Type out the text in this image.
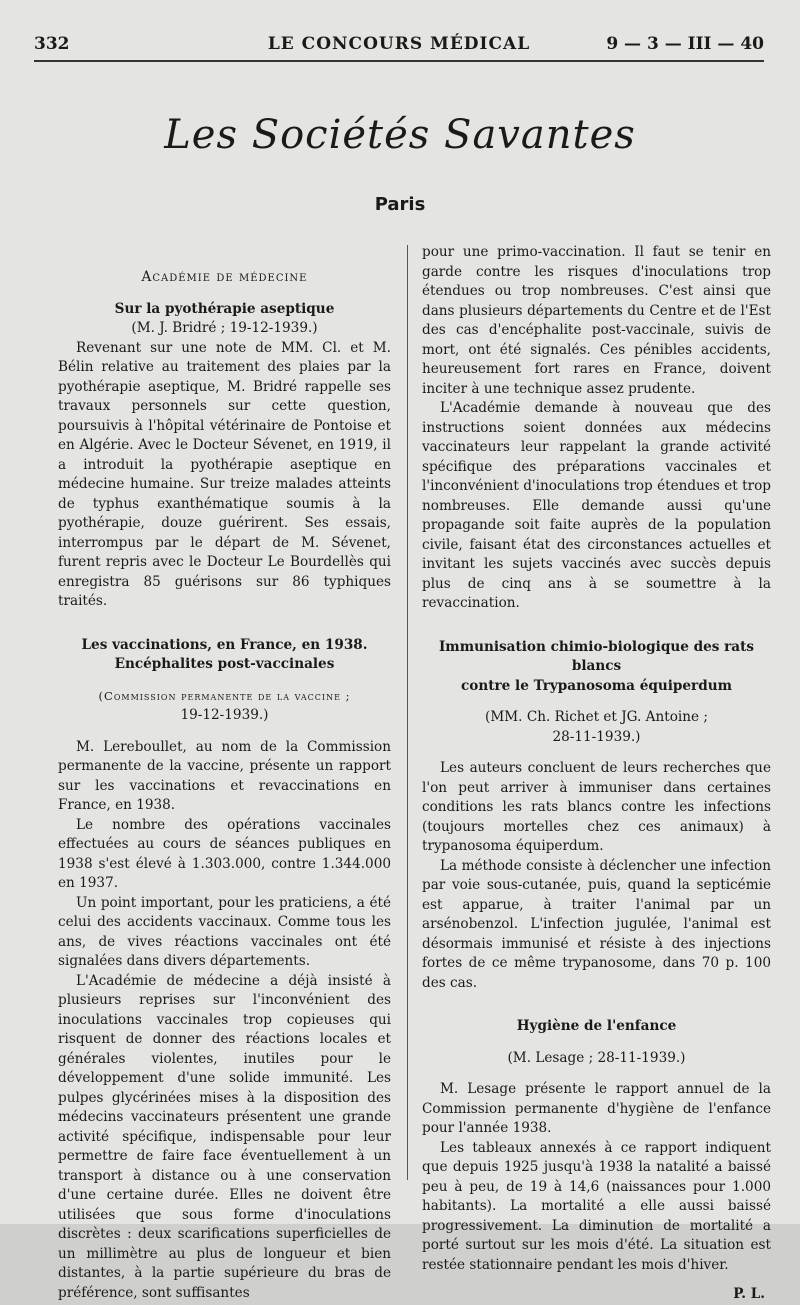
332	LE CONCOURS MÉDICAL	9 — 3 — III — 40
Les Sociétés Savantes
Paris

Académie de médecine

Sur la pyothérapie aseptique

(M. J. Bridré ; 19-12-1939.)

Revenant sur une note de MM. Cl. et M. Bélin relative au traitement des plaies par la pyothérapie aseptique, M. Bridré rappelle ses travaux personnels sur cette question, poursuivis à l'hôpital vétérinaire de Pontoise et en Algérie. Avec le Docteur Sévenet, en 1919, il a introduit la pyothérapie aseptique en médecine humaine. Sur treize malades atteints de typhus exanthématique soumis à la pyothérapie, douze guérirent. Ses essais, interrompus par le départ de M. Sévenet, furent repris avec le Docteur Le Bourdellès qui enregistra 85 guérisons sur 86 typhiques traités.

Les vaccinations, en France, en 1938.

Encéphalites post-vaccinales

(Commission permanente de la vaccine ;

19-12-1939.)

M. Lereboullet, au nom de la Commission permanente de la vaccine, présente un rapport sur les vaccinations et revaccinations en France, en 1938.

Le nombre des opérations vaccinales effectuées au cours de séances publiques en 1938 s'est élevé à 1.303.000, contre 1.344.000 en 1937.

Un point important, pour les praticiens, a été celui des accidents vaccinaux. Comme tous les ans, de vives réactions vaccinales ont été signalées dans divers départements.

L'Académie de médecine a déjà insisté à plusieurs reprises sur l'inconvénient des inoculations vaccinales trop copieuses qui risquent de donner des réactions locales et générales violentes, inutiles pour le développement d'une solide immunité. Les pulpes glycérinées mises à la disposition des médecins vaccinateurs présentent une grande activité spécifique, indispensable pour leur permettre de faire face éventuellement à un transport à distance ou à une conservation d'une certaine durée. Elles ne doivent être utilisées que sous forme d'inoculations discrètes : deux scarifications superficielles de un millimètre au plus de longueur et bien distantes, à la partie supérieure du bras de préférence, sont suffisantes

pour une primo-vaccination. Il faut se tenir en garde contre les risques d'inoculations trop étendues ou trop nombreuses. C'est ainsi que dans plusieurs départements du Centre et de l'Est des cas d'encéphalite post-vaccinale, suivis de mort, ont été signalés. Ces pénibles accidents, heureusement fort rares en France, doivent inciter à une technique assez prudente.

L'Académie demande à nouveau que des instructions soient données aux médecins vaccinateurs leur rappelant la grande activité spécifique des préparations vaccinales et l'inconvénient d'inoculations trop étendues et trop nombreuses. Elle demande aussi qu'une propagande soit faite auprès de la population civile, faisant état des circonstances actuelles et invitant les sujets vaccinés avec succès depuis plus de cinq ans à se soumettre à la revaccination.

Immunisation chimio-biologique des rats blancs

contre le Trypanosoma équiperdum

(MM. Ch. Richet et JG. Antoine ;

28-11-1939.)

Les auteurs concluent de leurs recherches que l'on peut arriver à immuniser dans certaines conditions les rats blancs contre les infections (toujours mortelles chez ces animaux) à trypanosoma équiperdum.

La méthode consiste à déclencher une infection par voie sous-cutanée, puis, quand la septicémie est apparue, à traiter l'animal par un arsénobenzol. L'infection jugulée, l'animal est désormais immunisé et résiste à des injections fortes de ce même trypanosome, dans 70 p. 100 des cas.

Hygiène de l'enfance

(M. Lesage ; 28-11-1939.)

M. Lesage présente le rapport annuel de la Commission permanente d'hygiène de l'enfance pour l'année 1938.

Les tableaux annexés à ce rapport indiquent que depuis 1925 jusqu'à 1938 la natalité a baissé peu à peu, de 19 à 14,6 (naissances pour 1.000 habitants). La mortalité a elle aussi baissé progressivement. La diminution de mortalité a porté surtout sur les mois d'été. La situation est restée stationnaire pendant les mois d'hiver.

P. L.
